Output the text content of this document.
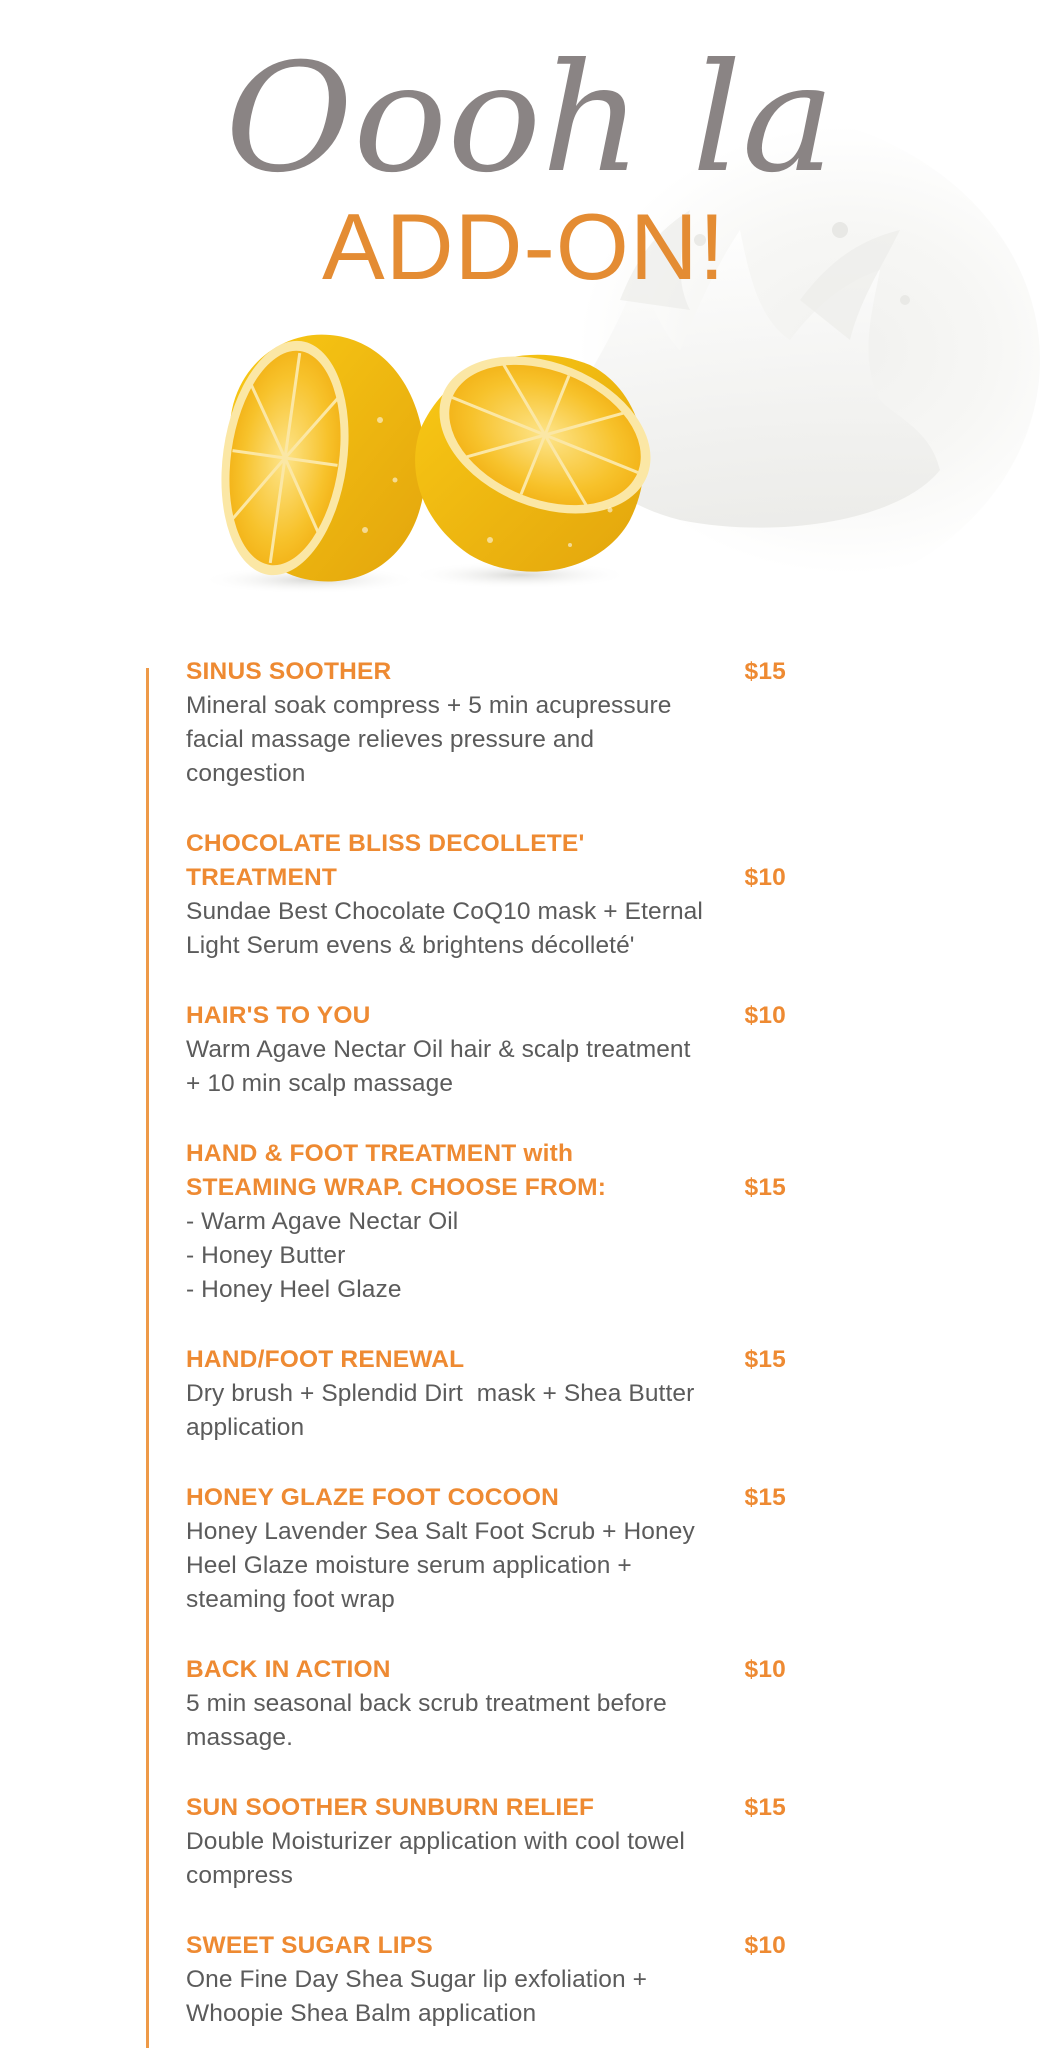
Oooh la
ADD-ON!
SINUS SOOTHER	$15
Mineral soak compress + 5 min acupressure
facial massage relieves pressure and
congestion
CHOCOLATE BLISS DECOLLETE'
TREATMENT	$10
Sundae Best Chocolate CoQ10 mask + Eternal
Light Serum evens & brightens décolleté'
HAIR'S TO YOU	$10
Warm Agave Nectar Oil hair & scalp treatment
+ 10 min scalp massage
HAND & FOOT TREATMENT with
STEAMING WRAP. CHOOSE FROM:	$15
- Warm Agave Nectar Oil
- Honey Butter
- Honey Heel Glaze
HAND/FOOT RENEWAL	$15
Dry brush + Splendid Dirt  mask + Shea Butter
application
HONEY GLAZE FOOT COCOON	$15
Honey Lavender Sea Salt Foot Scrub + Honey
Heel Glaze moisture serum application +
steaming foot wrap
BACK IN ACTION	$10
5 min seasonal back scrub treatment before
massage.
SUN SOOTHER SUNBURN RELIEF	$15
Double Moisturizer application with cool towel
compress
SWEET SUGAR LIPS	$10
One Fine Day Shea Sugar lip exfoliation +
Whoopie Shea Balm application
